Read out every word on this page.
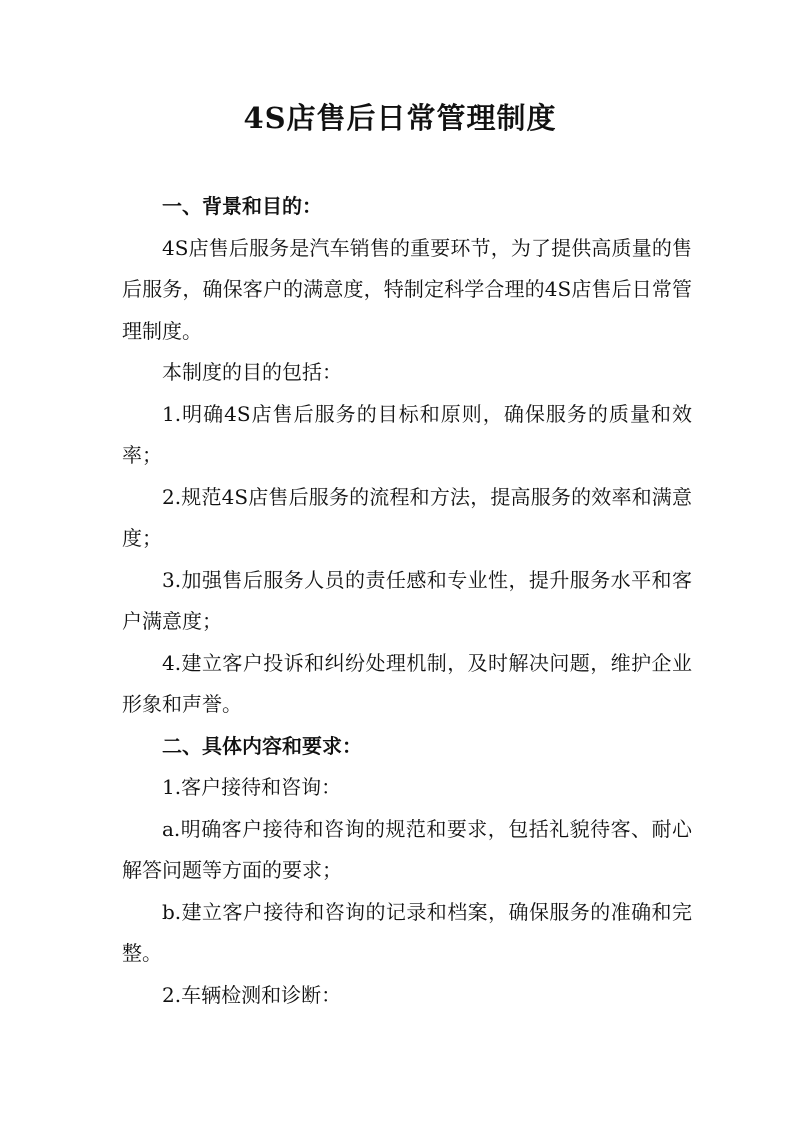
4S店售后日常管理制度

一、背景和目的：

4S店售后服务是汽车销售的重要环节，为了提供高质量的售后服务，确保客户的满意度，特制定科学合理的4S店售后日常管理制度。

本制度的目的包括：

1.明确4S店售后服务的目标和原则，确保服务的质量和效率；

2.规范4S店售后服务的流程和方法，提高服务的效率和满意度；

3.加强售后服务人员的责任感和专业性，提升服务水平和客户满意度；

4.建立客户投诉和纠纷处理机制，及时解决问题，维护企业形象和声誉。

二、具体内容和要求：

1.客户接待和咨询：

a.明确客户接待和咨询的规范和要求，包括礼貌待客、耐心解答问题等方面的要求；

b.建立客户接待和咨询的记录和档案，确保服务的准确和完整。

2.车辆检测和诊断：
